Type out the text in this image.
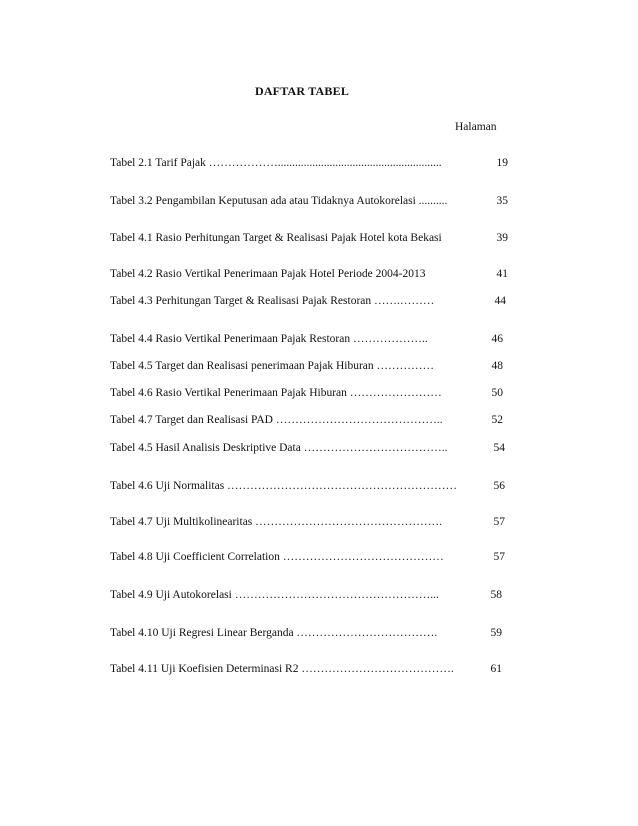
DAFTAR TABEL
Halaman
Tabel 2.1 Tarif Pajak ……………….........................................................	19
Tabel 3.2 Pengambilan Keputusan ada atau Tidaknya Autokorelasi ..........	35
Tabel 4.1 Rasio Perhitungan Target & Realisasi Pajak Hotel kota Bekasi	39
Tabel 4.2 Rasio Vertikal Penerimaan Pajak Hotel Periode 2004-2013	41
Tabel 4.3 Perhitungan Target & Realisasi Pajak Restoran …….………	44
Tabel 4.4 Rasio Vertikal Penerimaan Pajak Restoran ………………..	46
Tabel 4.5 Target dan Realisasi penerimaan Pajak Hiburan ……………	48
Tabel 4.6 Rasio Vertikal Penerimaan Pajak Hiburan ……………………	50
Tabel 4.7 Target dan Realisasi PAD ……………………………………..	52
Tabel 4.5 Hasil Analisis Deskriptive Data ………………………………..	54
Tabel 4.6 Uji Normalitas ……………………………………………………	56
Tabel 4.7 Uji Multikolinearitas ………………………………………….	57
Tabel 4.8 Uji Coefficient Correlation ……………………………………	57
Tabel 4.9 Uji Autokorelasi ……………………………………………...	58
Tabel 4.10 Uji Regresi Linear Berganda ……………………………….	59
Tabel 4.11 Uji Koefisien Determinasi R2 ………………………………….	61
